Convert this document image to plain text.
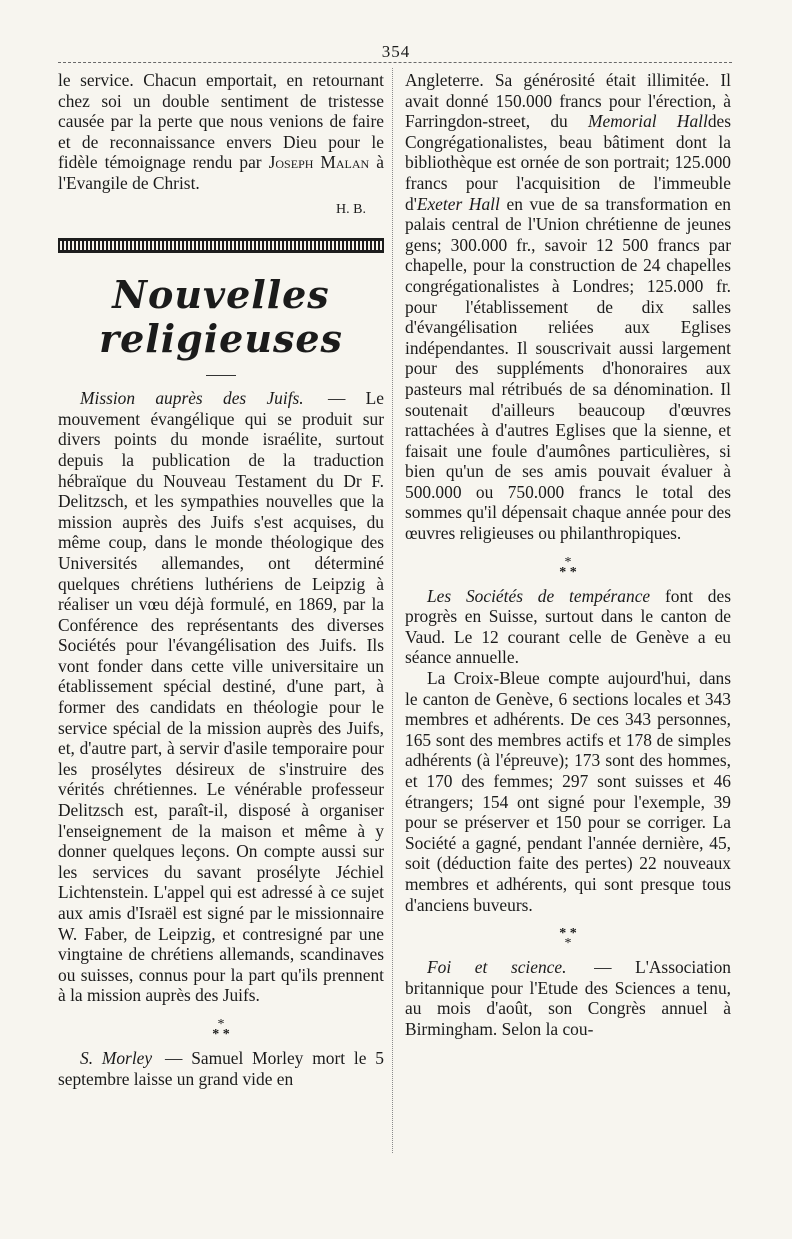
354

le service. Chacun emportait, en retournant chez soi un double sentiment de tristesse causée par la perte que nous venions de faire et de reconnaissance envers Dieu pour le fidèle témoignage rendu par Joseph Malan à l'Evangile de Christ.

H. B.
Nouvelles religieuses

Mission auprès des Juifs. — Le mouvement évangélique qui se produit sur divers points du monde israélite, surtout depuis la publication de la traduction hébraïque du Nouveau Testament du Dr F. Delitzsch, et les sympathies nouvelles que la mission auprès des Juifs s'est acquises, du même coup, dans le monde théologique des Universités allemandes, ont déterminé quelques chrétiens luthériens de Leipzig à réaliser un vœu déjà formulé, en 1869, par la Conférence des représentants des diverses Sociétés pour l'évangélisation des Juifs. Ils vont fonder dans cette ville universitaire un établissement spécial destiné, d'une part, à former des candidats en théologie pour le service spécial de la mission auprès des Juifs, et, d'autre part, à servir d'asile temporaire pour les prosélytes désireux de s'instruire des vérités chrétiennes. Le vénérable professeur Delitzsch est, paraît-il, disposé à organiser l'enseignement de la maison et même à y donner quelques leçons. On compte aussi sur les services du savant prosélyte Jéchiel Lichtenstein. L'appel qui est adressé à ce sujet aux amis d'Israël est signé par le missionnaire W. Faber, de Leipzig, et contresigné par une vingtaine de chrétiens allemands, scandinaves ou suisses, connus pour la part qu'ils prennent à la mission auprès des Juifs.

*
* *

S. Morley — Samuel Morley mort le 5 septembre laisse un grand vide en

Angleterre. Sa générosité était illimitée. Il avait donné 150.000 francs pour l'érection, à Farringdon-street, du Memorial Halldes Congrégationalistes, beau bâtiment dont la bibliothèque est ornée de son portrait; 125.000 francs pour l'acquisition de l'immeuble d'Exeter Hall en vue de sa transformation en palais central de l'Union chrétienne de jeunes gens; 300.000 fr., savoir 12 500 francs par chapelle, pour la construction de 24 chapelles congrégationalistes à Londres; 125.000 fr. pour l'établissement de dix salles d'évangélisation reliées aux Eglises indépendantes. Il souscrivait aussi largement pour des suppléments d'honoraires aux pasteurs mal rétribués de sa dénomination. Il soutenait d'ailleurs beaucoup d'œuvres rattachées à d'autres Eglises que la sienne, et faisait une foule d'aumônes particulières, si bien qu'un de ses amis pouvait évaluer à 500.000 ou 750.000 francs le total des sommes qu'il dépensait chaque année pour des œuvres religieuses ou philanthropiques.

*
* *

Les Sociétés de tempérance font des progrès en Suisse, surtout dans le canton de Vaud. Le 12 courant celle de Genève a eu séance annuelle.

La Croix-Bleue compte aujourd'hui, dans le canton de Genève, 6 sections locales et 343 membres et adhérents. De ces 343 personnes, 165 sont des membres actifs et 178 de simples adhérents (à l'épreuve); 173 sont des hommes, et 170 des femmes; 297 sont suisses et 46 étrangers; 154 ont signé pour l'exemple, 39 pour se préserver et 150 pour se corriger. La Société a gagné, pendant l'année dernière, 45, soit (déduction faite des pertes) 22 nouveaux membres et adhérents, qui sont presque tous d'anciens buveurs.

* *
*

Foi et science. — L'Association britannique pour l'Etude des Sciences a tenu, au mois d'août, son Congrès annuel à Birmingham. Selon la cou-
